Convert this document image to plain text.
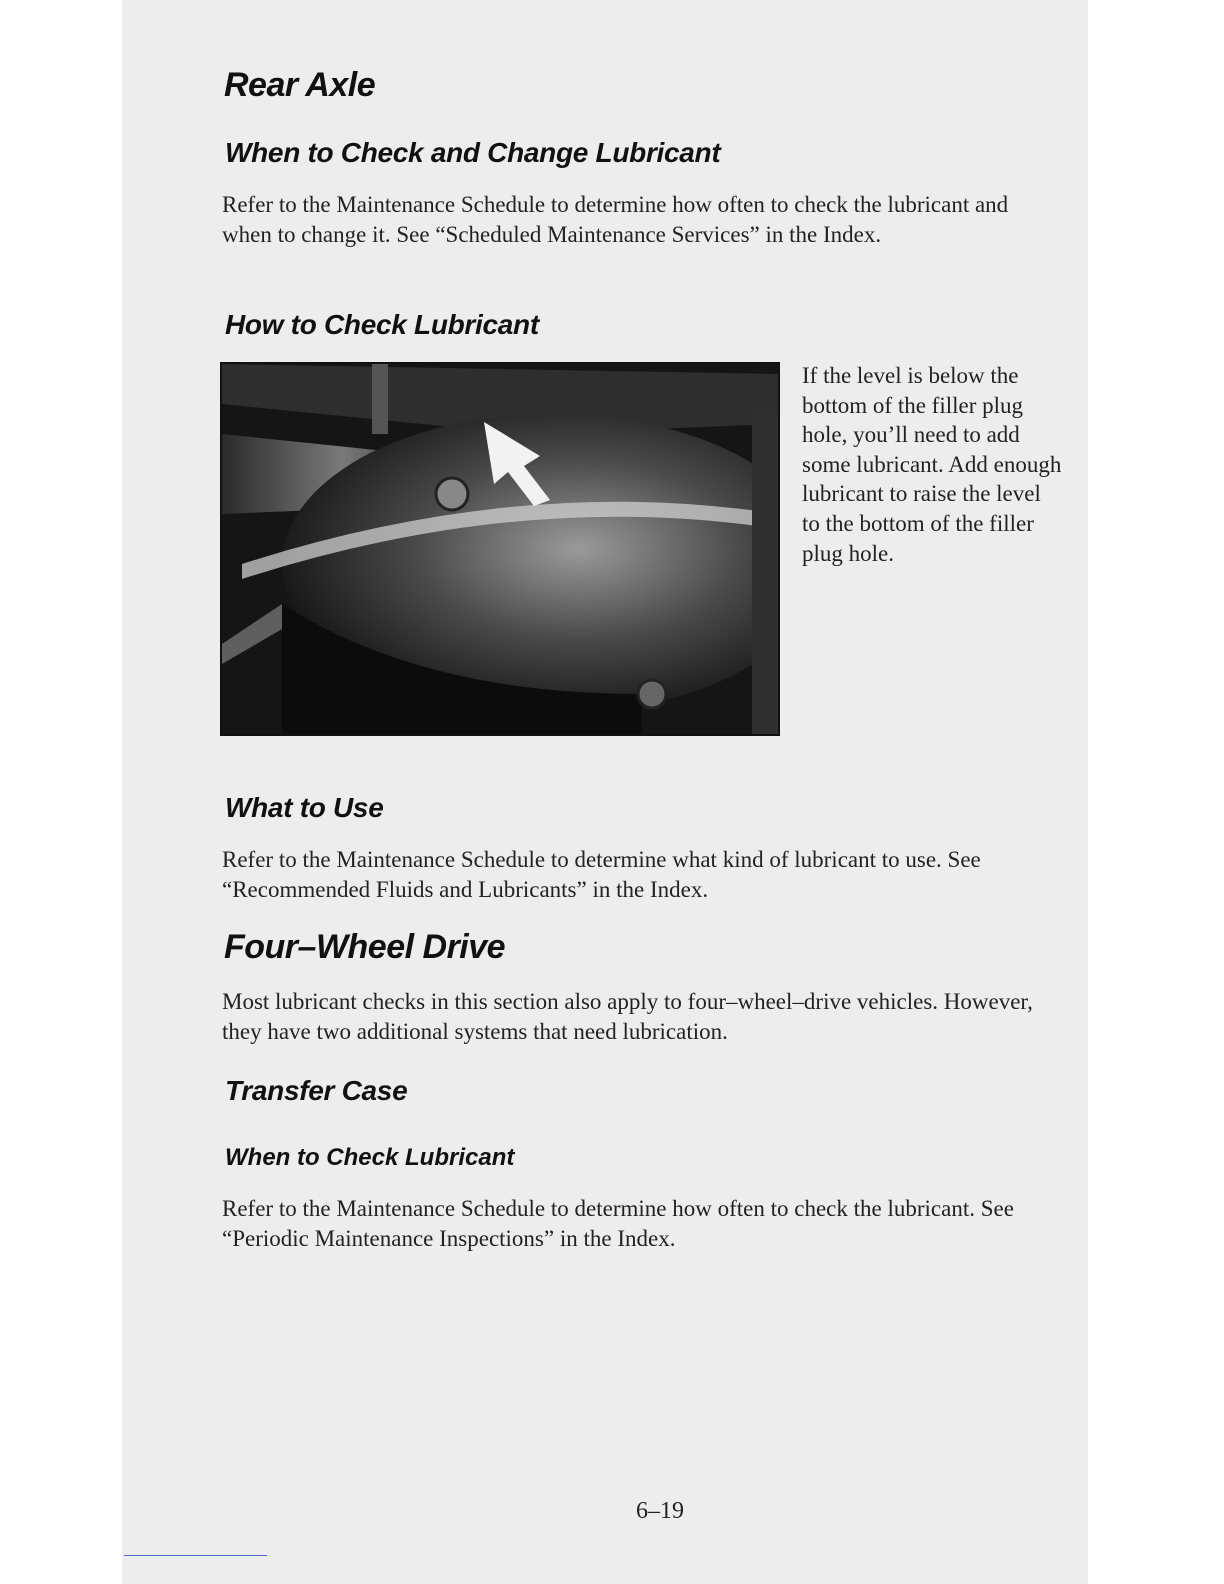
Rear Axle
When to Check and Change Lubricant

Refer to the Maintenance Schedule to determine how often to check the lubricant and when to change it. See “Scheduled Maintenance Services” in the Index.

How to Check Lubricant

If the level is below the bottom of the filler plug hole, you’ll need to add some lubricant. Add enough lubricant to raise the level to the bottom of the filler plug hole.

What to Use

Refer to the Maintenance Schedule to determine what kind of lubricant to use. See “Recommended Fluids and Lubricants” in the Index.

Four–Wheel Drive

Most lubricant checks in this section also apply to four–wheel–drive vehicles. However, they have two additional systems that need lubrication.

Transfer Case
When to Check Lubricant

Refer to the Maintenance Schedule to determine how often to check the lubricant. See “Periodic Maintenance Inspections” in the Index.

6–19
